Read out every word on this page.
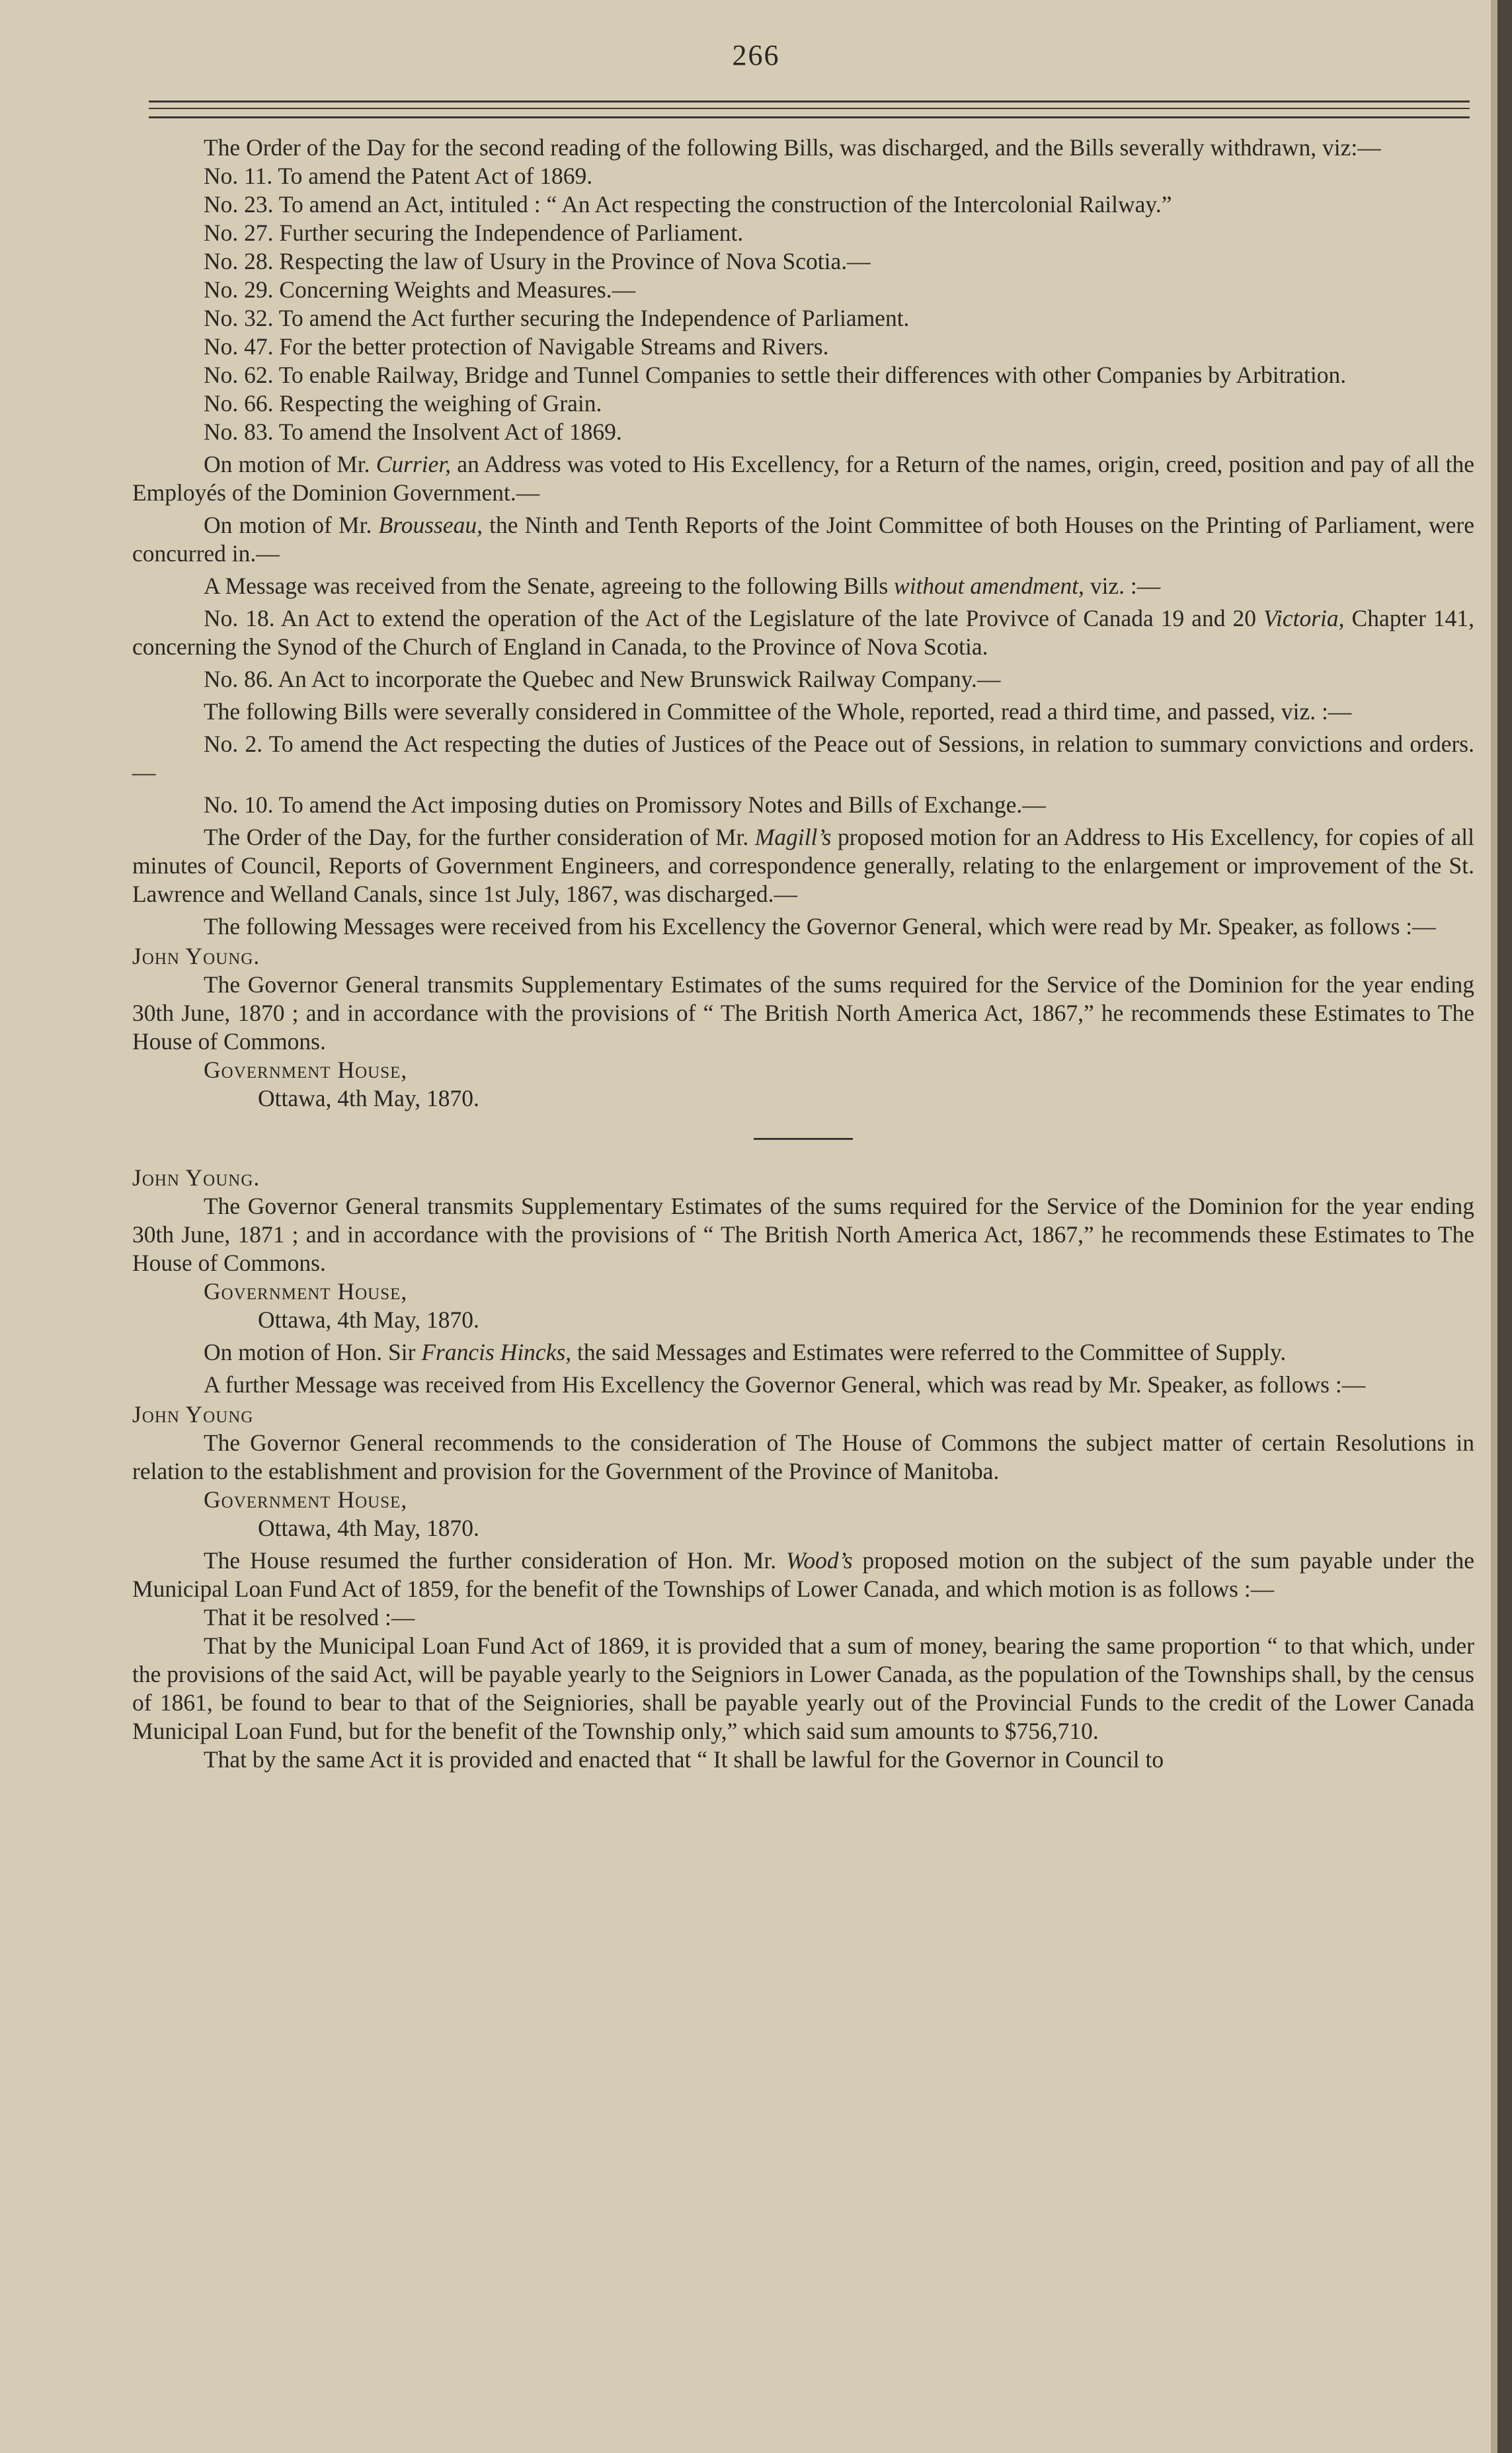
266

The Order of the Day for the second reading of the following Bills, was discharged, and the Bills severally withdrawn, viz:—

No. 11. To amend the Patent Act of 1869.

No. 23. To amend an Act, intituled : “ An Act respecting the construction of the Intercolonial Railway.”

No. 27. Further securing the Independence of Parliament.

No. 28. Respecting the law of Usury in the Province of Nova Scotia.—

No. 29. Concerning Weights and Measures.—

No. 32. To amend the Act further securing the Independence of Parliament.

No. 47. For the better protection of Navigable Streams and Rivers.

No. 62. To enable Railway, Bridge and Tunnel Companies to settle their differences with other Companies by Arbitration.

No. 66. Respecting the weighing of Grain.

No. 83. To amend the Insolvent Act of 1869.

On motion of Mr. Currier, an Address was voted to His Excellency, for a Return of the names, origin, creed, position and pay of all the Employés of the Dominion Government.—

On motion of Mr. Brousseau, the Ninth and Tenth Reports of the Joint Committee of both Houses on the Printing of Parliament, were concurred in.—

A Message was received from the Senate, agreeing to the following Bills without amendment, viz. :—

No. 18. An Act to extend the operation of the Act of the Legislature of the late Provivce of Canada 19 and 20 Victoria, Chapter 141, concerning the Synod of the Church of England in Canada, to the Province of Nova Scotia.

No. 86. An Act to incorporate the Quebec and New Brunswick Railway Company.—

The following Bills were severally considered in Committee of the Whole, reported, read a third time, and passed, viz. :—

No. 2. To amend the Act respecting the duties of Justices of the Peace out of Sessions, in relation to summary convictions and orders.—

No. 10. To amend the Act imposing duties on Promissory Notes and Bills of Exchange.—

The Order of the Day, for the further consideration of Mr. Magill’s proposed motion for an Address to His Excellency, for copies of all minutes of Council, Reports of Government Engineers, and correspondence generally, relating to the enlargement or improvement of the St. Lawrence and Welland Canals, since 1st July, 1867, was discharged.—

The following Messages were received from his Excellency the Governor General, which were read by Mr. Speaker, as follows :—

John Young.

The Governor General transmits Supplementary Estimates of the sums required for the Service of the Dominion for the year ending 30th June, 1870 ; and in accordance with the provisions of “ The British North America Act, 1867,” he recommends these Estimates to The House of Commons.

Government House,

Ottawa, 4th May, 1870.

John Young.

The Governor General transmits Supplementary Estimates of the sums required for the Service of the Dominion for the year ending 30th June, 1871 ; and in accordance with the provisions of “ The British North America Act, 1867,” he recommends these Estimates to The House of Commons.

Government House,

Ottawa, 4th May, 1870.

On motion of Hon. Sir Francis Hincks, the said Messages and Estimates were referred to the Committee of Supply.

A further Message was received from His Excellency the Governor General, which was read by Mr. Speaker, as follows :—

John Young

The Governor General recommends to the consideration of The House of Commons the subject matter of certain Resolutions in relation to the establishment and provision for the Government of the Province of Manitoba.

Government House,

Ottawa, 4th May, 1870.

The House resumed the further consideration of Hon. Mr. Wood’s proposed motion on the subject of the sum payable under the Municipal Loan Fund Act of 1859, for the benefit of the Townships of Lower Canada, and which motion is as follows :—

That it be resolved :—

That by the Municipal Loan Fund Act of 1869, it is provided that a sum of money, bearing the same proportion “ to that which, under the provisions of the said Act, will be payable yearly to the Seigniors in Lower Canada, as the population of the Townships shall, by the census of 1861, be found to bear to that of the Seigniories, shall be payable yearly out of the Provincial Funds to the credit of the Lower Canada Municipal Loan Fund, but for the benefit of the Township only,” which said sum amounts to $756,710.

That by the same Act it is provided and enacted that “ It shall be lawful for the Governor in Council to
